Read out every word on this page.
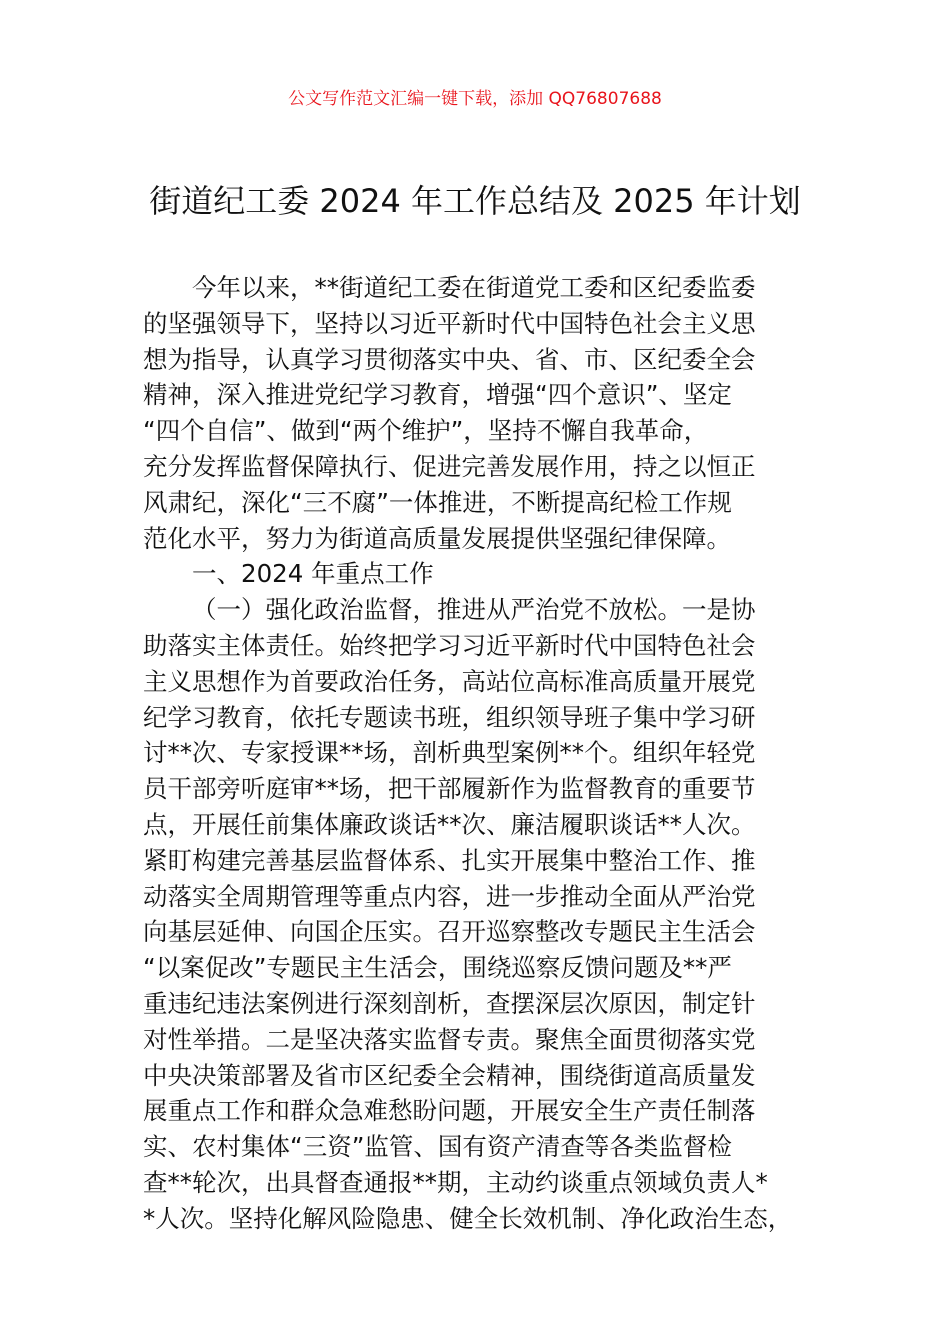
公文写作范文汇编一键下载，添加 QQ76807688
街道纪工委 2024 年工作总结及 2025 年计划
今年以来，**街道纪工委在街道党工委和区纪委监委
的坚强领导下，坚持以习近平新时代中国特色社会主义思
想为指导，认真学习贯彻落实中央、省、市、区纪委全会
精神，深入推进党纪学习教育，增强“四个意识”、坚定
“四个自信”、做到“两个维护”，坚持不懈自我革命，
充分发挥监督保障执行、促进完善发展作用，持之以恒正
风肃纪，深化“三不腐”一体推进，不断提高纪检工作规
范化水平，努力为街道高质量发展提供坚强纪律保障。
一、2024 年重点工作
（一）强化政治监督，推进从严治党不放松。一是协
助落实主体责任。始终把学习习近平新时代中国特色社会
主义思想作为首要政治任务，高站位高标准高质量开展党
纪学习教育，依托专题读书班，组织领导班子集中学习研
讨**次、专家授课**场，剖析典型案例**个。组织年轻党
员干部旁听庭审**场，把干部履新作为监督教育的重要节
点，开展任前集体廉政谈话**次、廉洁履职谈话**人次。
紧盯构建完善基层监督体系、扎实开展集中整治工作、推
动落实全周期管理等重点内容，进一步推动全面从严治党
向基层延伸、向国企压实。召开巡察整改专题民主生活会
“以案促改”专题民主生活会，围绕巡察反馈问题及**严
重违纪违法案例进行深刻剖析，查摆深层次原因，制定针
对性举措。二是坚决落实监督专责。聚焦全面贯彻落实党
中央决策部署及省市区纪委全会精神，围绕街道高质量发
展重点工作和群众急难愁盼问题，开展安全生产责任制落
实、农村集体“三资”监管、国有资产清查等各类监督检
查**轮次，出具督查通报**期，主动约谈重点领域负责人*
*人次。坚持化解风险隐患、健全长效机制、净化政治生态，
